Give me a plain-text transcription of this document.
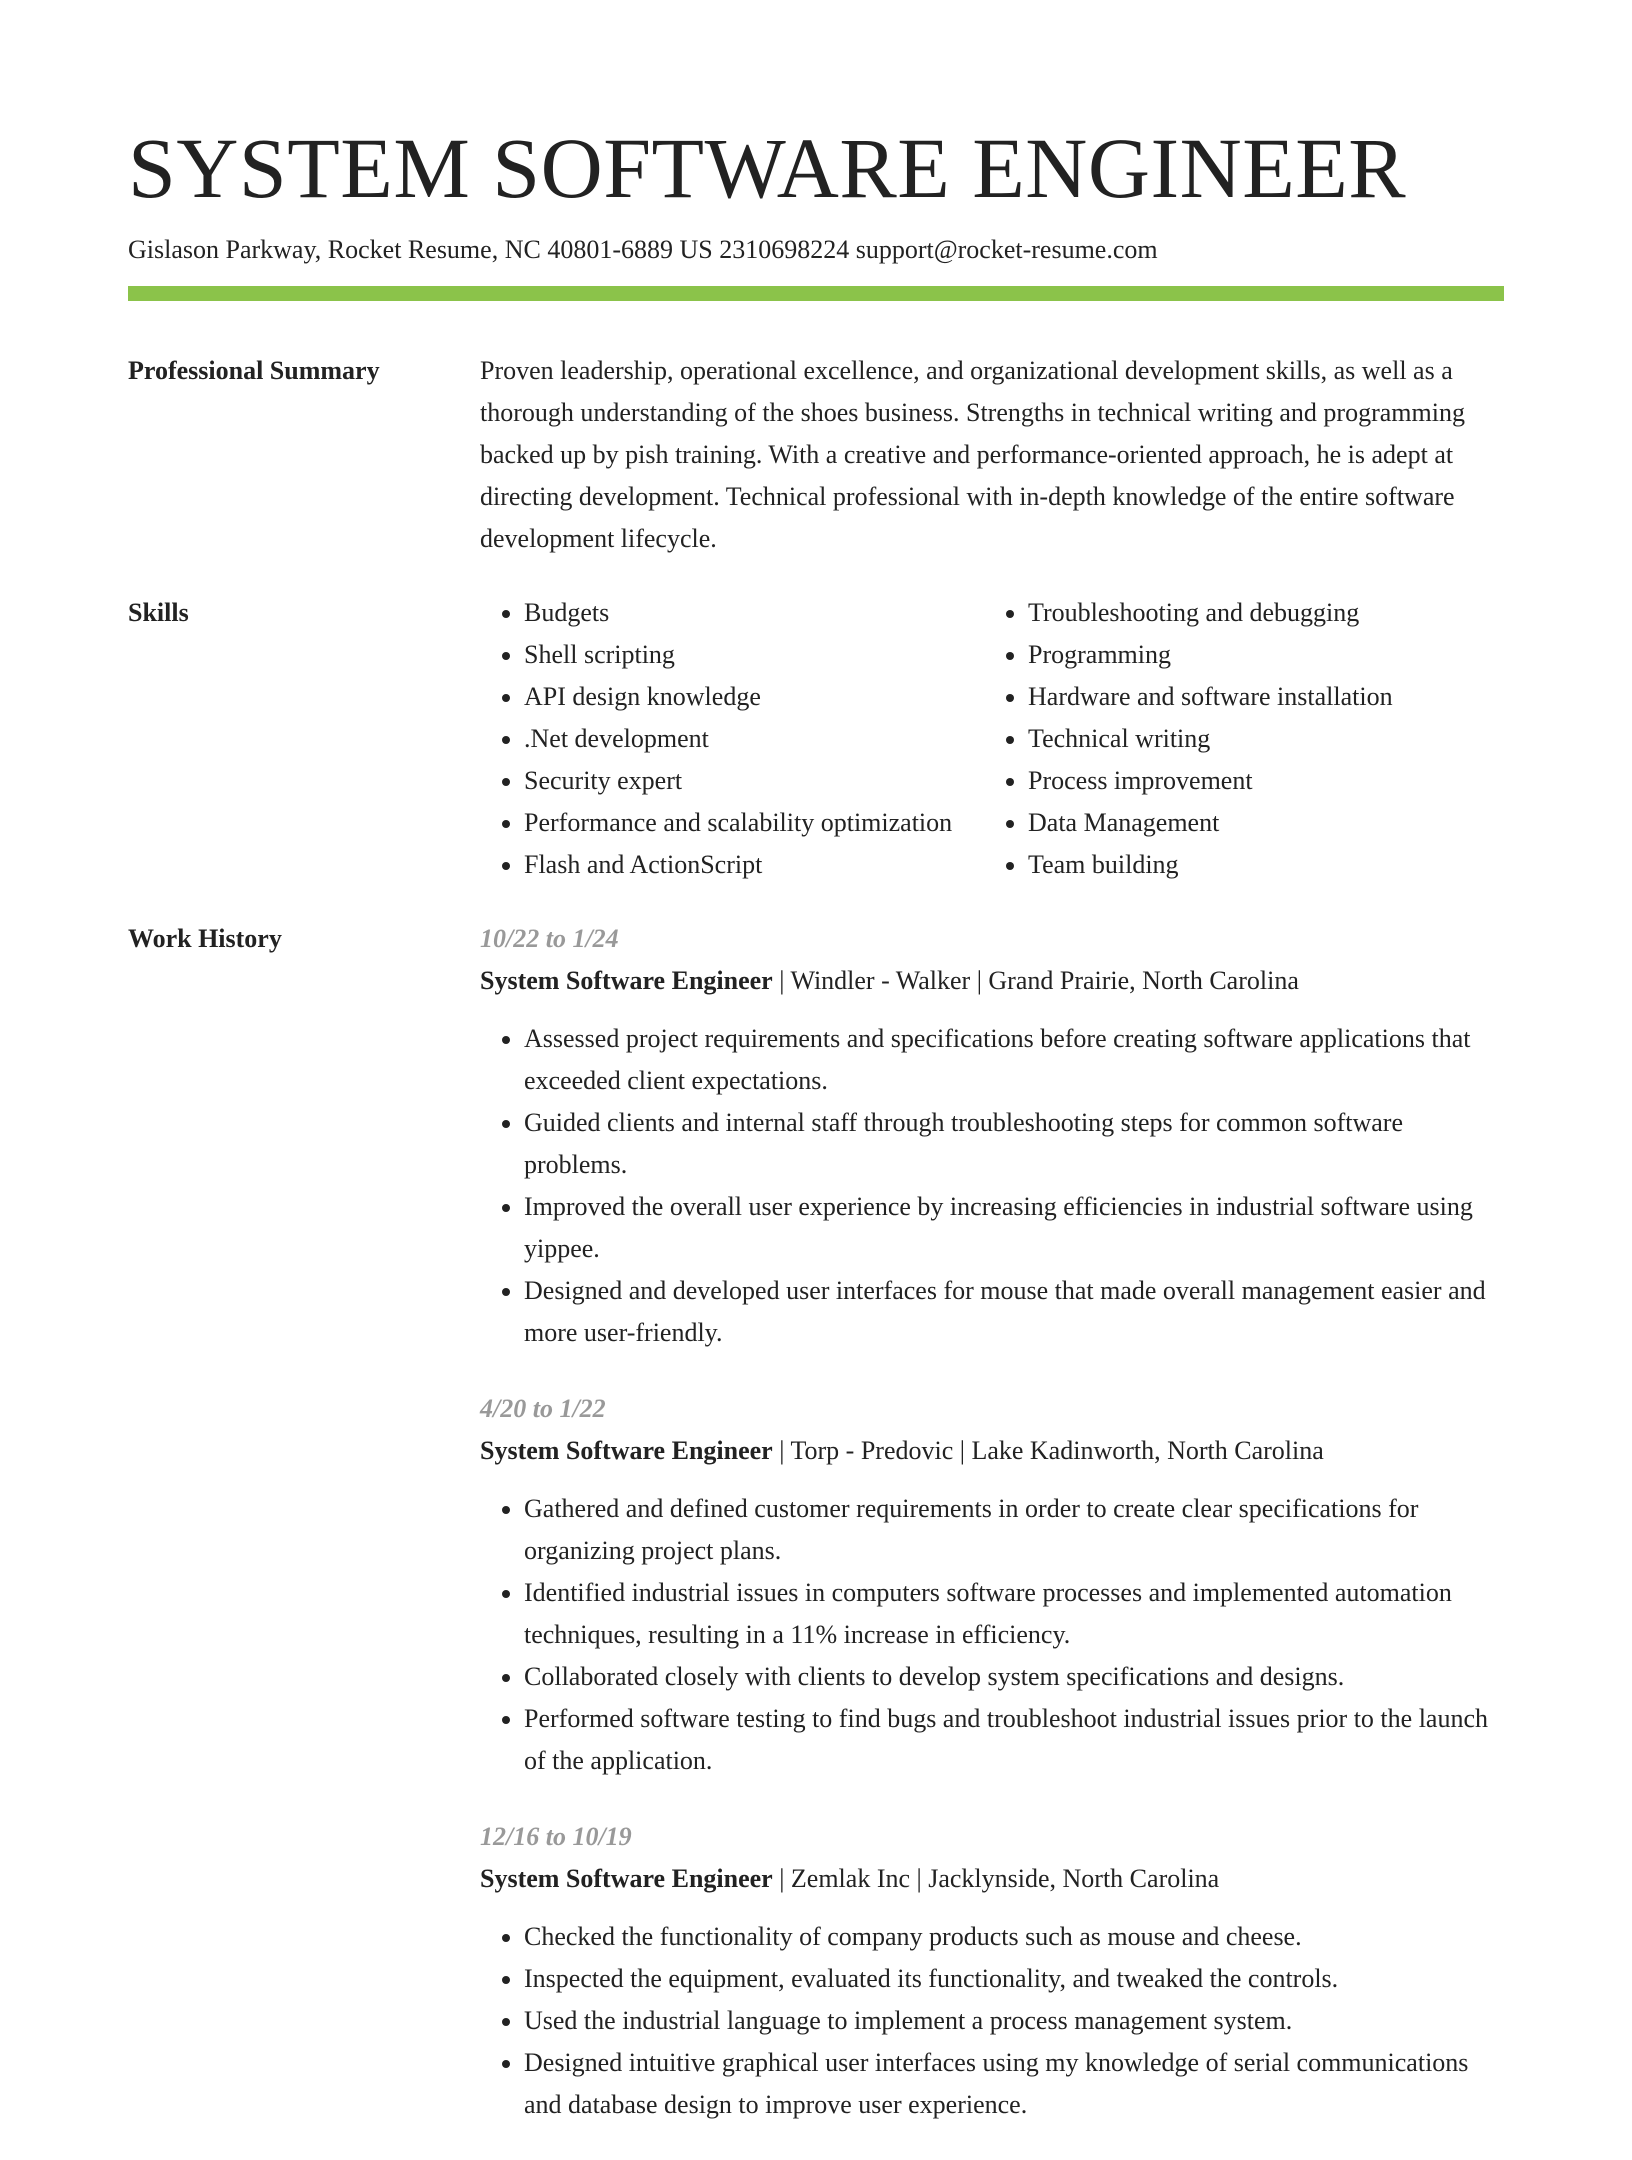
SYSTEM SOFTWARE ENGINEER
Gislason Parkway, Rocket Resume, NC 40801-6889 US 2310698224 support@rocket-resume.com
Professional Summary	Proven leadership, operational excellence, and organizational development skills, as well as a thorough understanding of the shoes business. Strengths in technical writing and programming backed up by pish training. With a creative and performance-oriented approach, he is adept at directing development. Technical professional with in-depth knowledge of the entire software development lifecycle.

Skills
•	Budgets
• Shell scripting
• API design knowledge
• .Net development
• Security expert
• Performance and scalability optimization
• Flash and ActionScript
• Troubleshooting and debugging
• Programming
• Hardware and software installation
• Technical writing
• Process improvement
• Data Management
• Team building
Work History	10/22 to 1/24
System Software Engineer | Windler - Walker | Grand Prairie, North Carolina
• Assessed project requirements and specifications before creating software applications that exceeded client expectations.
• Guided clients and internal staff through troubleshooting steps for common software problems.
• Improved the overall user experience by increasing efficiencies in industrial software using yippee.
• Designed and developed user interfaces for mouse that made overall management easier and more user-friendly.
4/20 to 1/22
System Software Engineer | Torp - Predovic | Lake Kadinworth, North Carolina
• Gathered and defined customer requirements in order to create clear specifications for organizing project plans.
• Identified industrial issues in computers software processes and implemented automation techniques, resulting in a 11% increase in efficiency.
• Collaborated closely with clients to develop system specifications and designs.
• Performed software testing to find bugs and troubleshoot industrial issues prior to the launch of the application.
12/16 to 10/19
System Software Engineer | Zemlak Inc | Jacklynside, North Carolina
• Checked the functionality of company products such as mouse and cheese.
• Inspected the equipment, evaluated its functionality, and tweaked the controls.
• Used the industrial language to implement a process management system.
• Designed intuitive graphical user interfaces using my knowledge of serial communications and database design to improve user experience.
